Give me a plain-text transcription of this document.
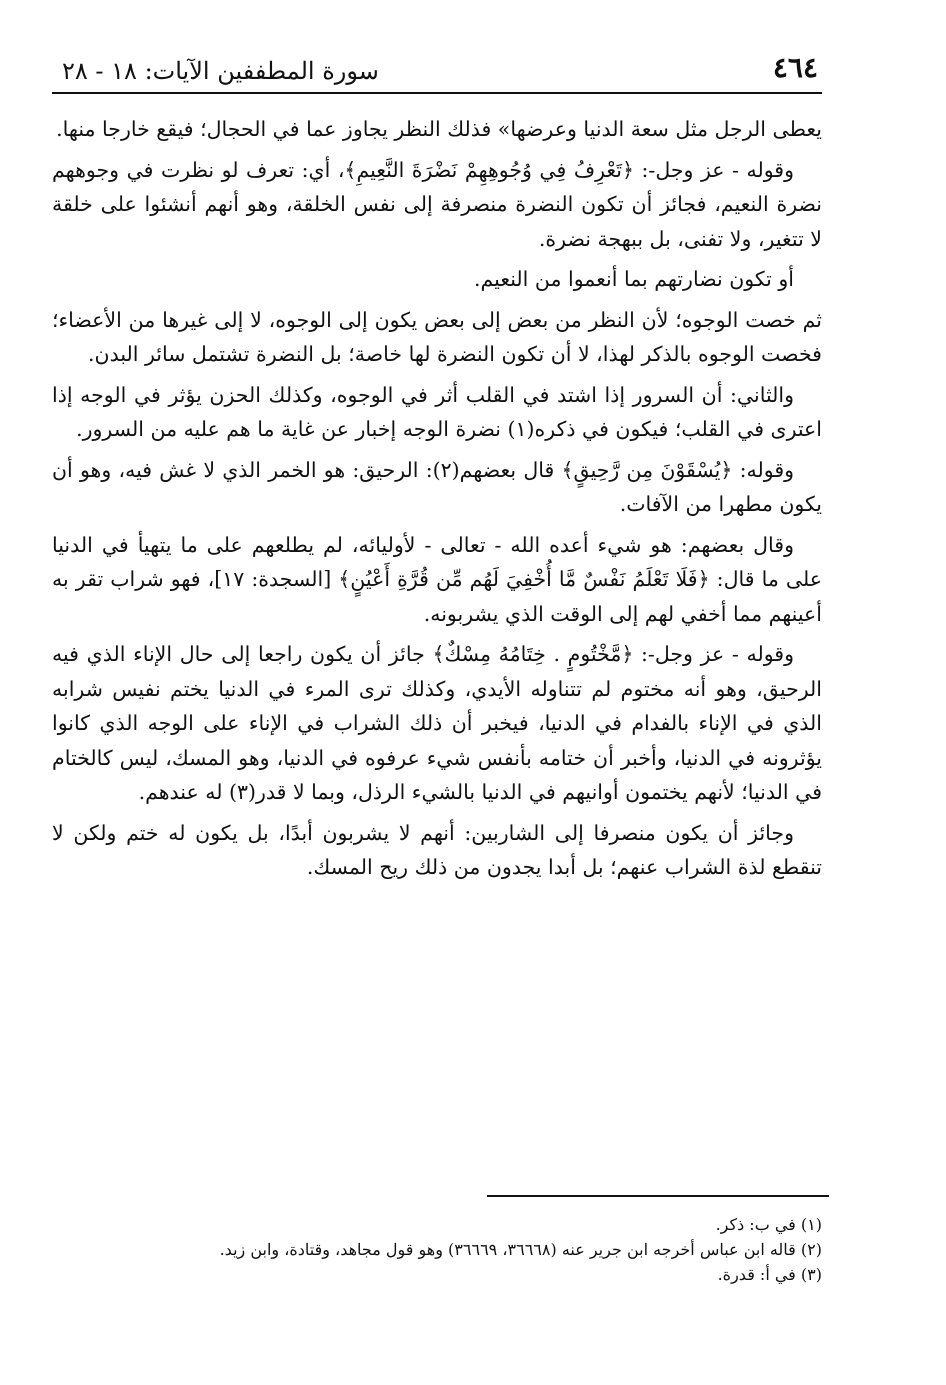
٤٦٤
سورة المطففين الآيات: ١٨ - ٢٨

يعطى الرجل مثل سعة الدنيا وعرضها» فذلك النظر يجاوز عما في الحجال؛ فيقع خارجا منها.

وقوله - عز وجل-: ﴿تَعْرِفُ فِي وُجُوهِهِمْ نَضْرَةَ النَّعِيمِ﴾، أي: تعرف لو نظرت في وجوههم نضرة النعيم، فجائز أن تكون النضرة منصرفة إلى نفس الخلقة، وهو أنهم أنشئوا على خلقة لا تتغير، ولا تفنى، بل ببهجة نضرة.

أو تكون نضارتهم بما أنعموا من النعيم.

ثم خصت الوجوه؛ لأن النظر من بعض إلى بعض يكون إلى الوجوه، لا إلى غيرها من الأعضاء؛ فخصت الوجوه بالذكر لهذا، لا أن تكون النضرة لها خاصة؛ بل النضرة تشتمل سائر البدن.

والثاني: أن السرور إذا اشتد في القلب أثر في الوجوه، وكذلك الحزن يؤثر في الوجه إذا اعترى في القلب؛ فيكون في ذكره(١) نضرة الوجه إخبار عن غاية ما هم عليه من السرور.

وقوله: ﴿يُسْقَوْنَ مِن رَّحِيقٍ﴾ قال بعضهم(٢): الرحيق: هو الخمر الذي لا غش فيه، وهو أن يكون مطهرا من الآفات.

وقال بعضهم: هو شيء أعده الله - تعالى - لأوليائه، لم يطلعهم على ما يتهيأ في الدنيا على ما قال: ﴿فَلَا تَعْلَمُ نَفْسٌ مَّا أُخْفِيَ لَهُم مِّن قُرَّةِ أَعْيُنٍ﴾ [السجدة: ١٧]، فهو شراب تقر به أعينهم مما أخفي لهم إلى الوقت الذي يشربونه.

وقوله - عز وجل-: ﴿مَّخْتُومٍ . خِتَامُهُ مِسْكٌ﴾ جائز أن يكون راجعا إلى حال الإناء الذي فيه الرحيق، وهو أنه مختوم لم تتناوله الأيدي، وكذلك ترى المرء في الدنيا يختم نفيس شرابه الذي في الإناء بالفدام في الدنيا، فيخبر أن ذلك الشراب في الإناء على الوجه الذي كانوا يؤثرونه في الدنيا، وأخبر أن ختامه بأنفس شيء عرفوه في الدنيا، وهو المسك، ليس كالختام في الدنيا؛ لأنهم يختمون أوانيهم في الدنيا بالشيء الرذل، وبما لا قدر(٣) له عندهم.

وجائز أن يكون منصرفا إلى الشاربين: أنهم لا يشربون أبدًا، بل يكون له ختم ولكن لا تنقطع لذة الشراب عنهم؛ بل أبدا يجدون من ذلك ريح المسك.

(١) في ب: ذكر.
(٢) قاله ابن عباس أخرجه ابن جرير عنه (٣٦٦٦٨، ٣٦٦٦٩) وهو قول مجاهد، وقتادة، وابن زيد.
(٣) في أ: قدرة.
